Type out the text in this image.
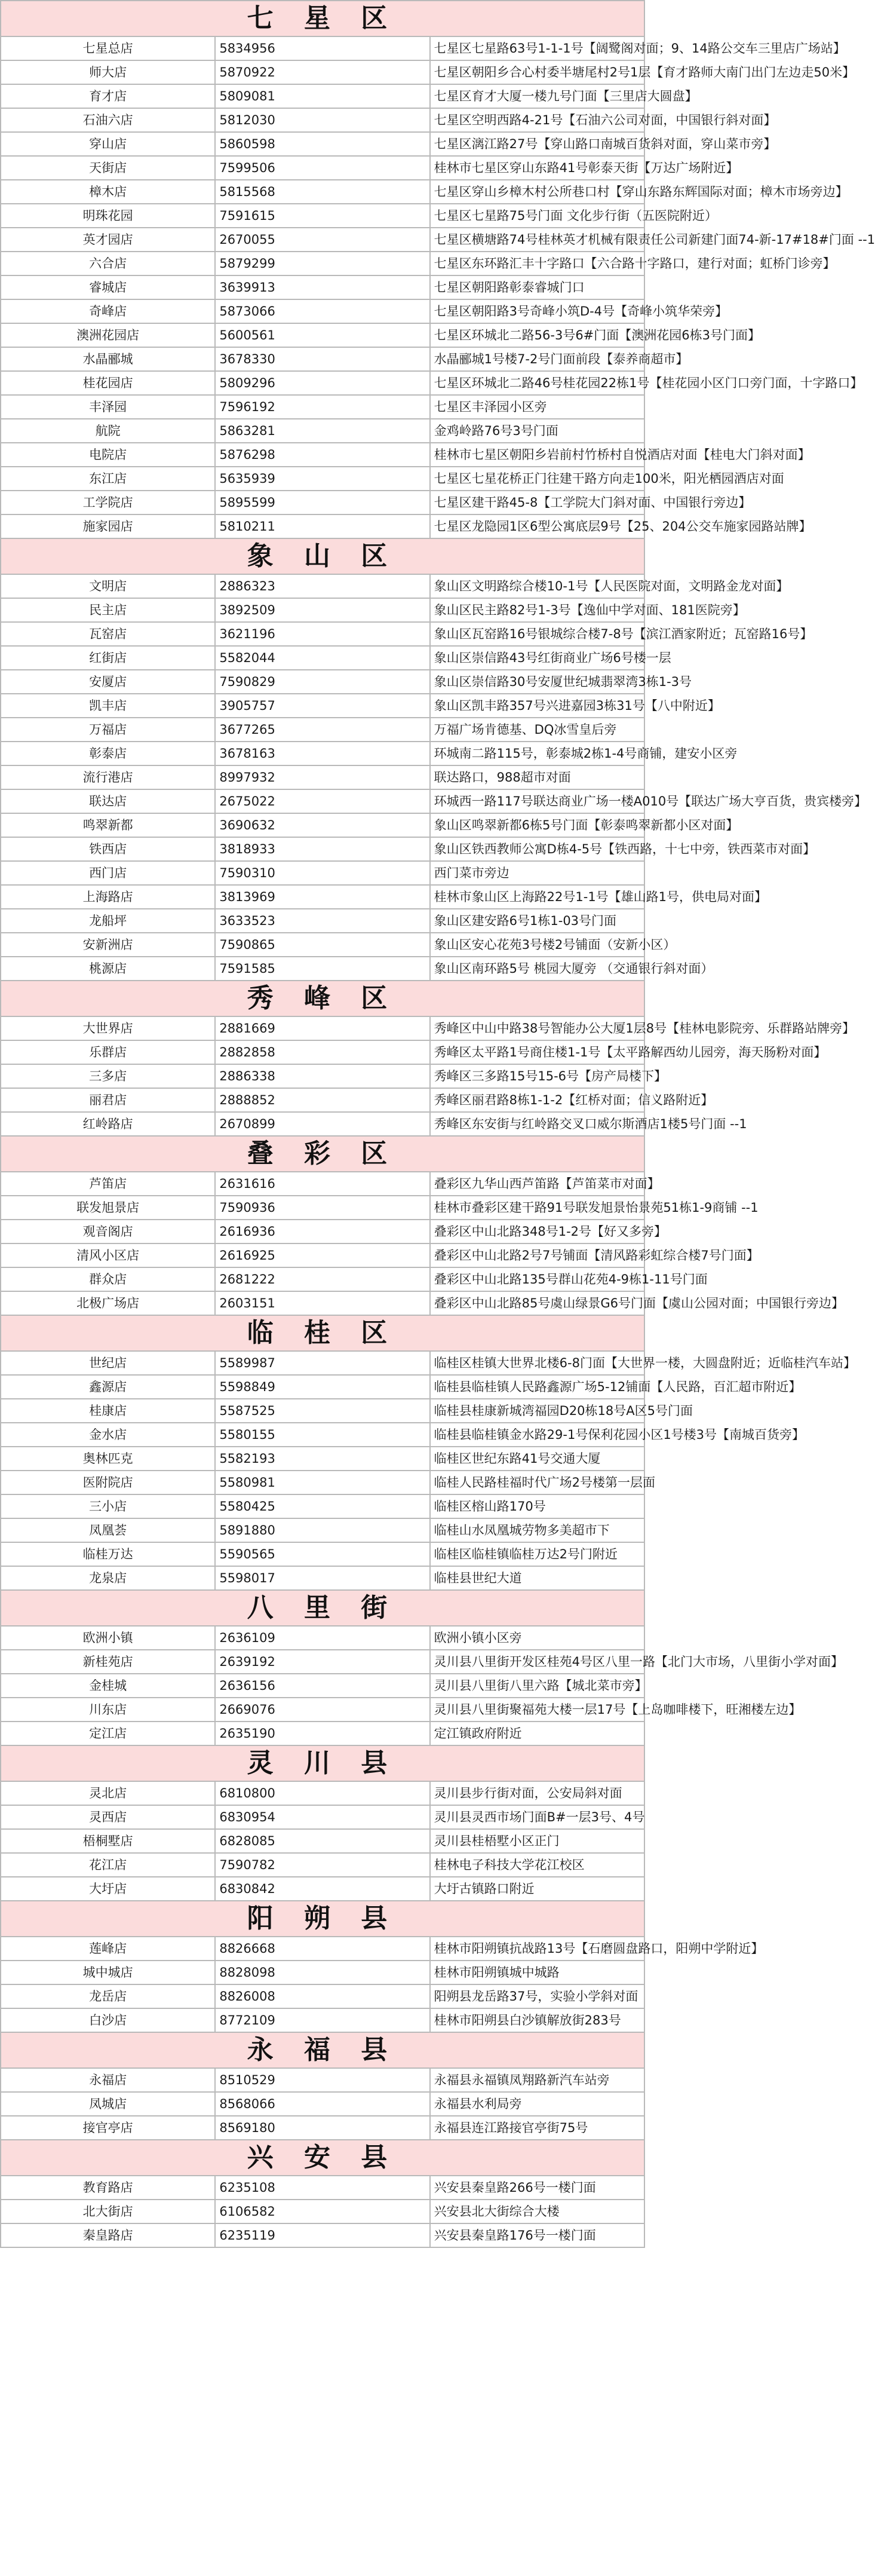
七 星 区		
七星总店	5834956	七星区七星路63号1-1-1号【阔鹭阁对面；9、14路公交车三里店广场站】
师大店	5870922	七星区朝阳乡合心村委半塘尾村2号1层【育才路师大南门出门左边走50米】
育才店	5809081	七星区育才大厦一楼九号门面【三里店大圆盘】
石油六店	5812030	七星区空明西路4-21号【石油六公司对面，中国银行斜对面】
穿山店	5860598	七星区漓江路27号【穿山路口南城百货斜对面，穿山菜市旁】
天街店	7599506	桂林市七星区穿山东路41号彰泰天街【万达广场附近】
樟木店	5815568	七星区穿山乡樟木村公所巷口村【穿山东路东辉国际对面；樟木市场旁边】
明珠花园	7591615	七星区七星路75号门面 文化步行街（五医院附近）
英才园店	2670055	七星区横塘路74号桂林英才机械有限责任公司新建门面74-新-17#18#门面 --1
六合店	5879299	七星区东环路汇丰十字路口【六合路十字路口，建行对面；虹桥门诊旁】
睿城店	3639913	七星区朝阳路彰泰睿城门口
奇峰店	5873066	七星区朝阳路3号奇峰小筑D-4号【奇峰小筑华荣旁】
澳洲花园店	5600561	七星区环城北二路56-3号6#门面【澳洲花园6栋3号门面】
水晶郦城	3678330	水晶郦城1号楼7-2号门面前段【泰养商超市】
桂花园店	5809296	七星区环城北二路46号桂花园22栋1号【桂花园小区门口旁门面，十字路口】
丰泽园	7596192	七星区丰泽园小区旁
航院	5863281	金鸡岭路76号3号门面
电院店	5876298	桂林市七星区朝阳乡岩前村竹桥村自悦酒店对面【桂电大门斜对面】
东江店	5635939	七星区七星花桥正门往建干路方向走100米，阳光栖园酒店对面
工学院店	5895599	七星区建干路45-8【工学院大门斜对面、中国银行旁边】
施家园店	5810211	七星区龙隐园1区6型公寓底层9号【25、204公交车施家园路站牌】
象 山 区		
文明店	2886323	象山区文明路综合楼10-1号【人民医院对面，文明路金龙对面】
民主店	3892509	象山区民主路82号1-3号【逸仙中学对面、181医院旁】
瓦窑店	3621196	象山区瓦窑路16号银城综合楼7-8号【滨江酒家附近；瓦窑路16号】
红街店	5582044	象山区崇信路43号红街商业广场6号楼一层
安厦店	7590829	象山区崇信路30号安厦世纪城翡翠湾3栋1-3号
凯丰店	3905757	象山区凯丰路357号兴进嘉园3栋31号【八中附近】
万福店	3677265	万福广场肯德基、DQ冰雪皇后旁
彰泰店	3678163	环城南二路115号，彰泰城2栋1-4号商铺，建安小区旁
流行港店	8997932	联达路口，988超市对面
联达店	2675022	环城西一路117号联达商业广场一楼A010号【联达广场大亨百货，贵宾楼旁】
鸣翠新都	3690632	象山区鸣翠新都6栋5号门面【彰泰鸣翠新都小区对面】
铁西店	3818933	象山区铁西教师公寓D栋4-5号【铁西路，十七中旁，铁西菜市对面】
西门店	7590310	西门菜市旁边
上海路店	3813969	桂林市象山区上海路22号1-1号【雄山路1号，供电局对面】
龙船坪	3633523	象山区建安路6号1栋1-03号门面
安新洲店	7590865	象山区安心花苑3号楼2号铺面（安新小区）
桃源店	7591585	象山区南环路5号 桃园大厦旁 （交通银行斜对面）
秀 峰 区		
大世界店	2881669	秀峰区中山中路38号智能办公大厦1层8号【桂林电影院旁、乐群路站牌旁】
乐群店	2882858	秀峰区太平路1号商住楼1-1号【太平路解西幼儿园旁，海天肠粉对面】
三多店	2886338	秀峰区三多路15号15-6号【房产局楼下】
丽君店	2888852	秀峰区丽君路8栋1-1-2【红桥对面；信义路附近】
红岭路店	2670899	秀峰区东安街与红岭路交叉口威尔斯酒店1楼5号门面 --1
叠 彩 区		
芦笛店	2631616	叠彩区九华山西芦笛路【芦笛菜市对面】
联发旭景店	7590936	桂林市叠彩区建干路91号联发旭景怡景苑51栋1-9商铺 --1
观音阁店	2616936	叠彩区中山北路348号1-2号【好又多旁】
清风小区店	2616925	叠彩区中山北路2号7号铺面【清风路彩虹综合楼7号门面】
群众店	2681222	叠彩区中山北路135号群山花苑4-9栋1-11号门面
北极广场店	2603151	叠彩区中山北路85号虞山绿景G6号门面【虞山公园对面；中国银行旁边】
临 桂 区		
世纪店	5589987	临桂区桂镇大世界北楼6-8门面【大世界一楼，大圆盘附近；近临桂汽车站】
鑫源店	5598849	临桂县临桂镇人民路鑫源广场5-12铺面【人民路，百汇超市附近】
桂康店	5587525	临桂县桂康新城湾福园D20栋18号A区5号门面
金水店	5580155	临桂县临桂镇金水路29-1号保利花园小区1号楼3号【南城百货旁】
奥林匹克	5582193	临桂区世纪东路41号交通大厦
医附院店	5580981	临桂人民路桂福时代广场2号楼第一层面
三小店	5580425	临桂区榕山路170号
凤凰荟	5891880	临桂山水凤凰城劳物多美超市下
临桂万达	5590565	临桂区临桂镇临桂万达2号门附近
龙泉店	5598017	临桂县世纪大道
八 里 街		
欧洲小镇	2636109	欧洲小镇小区旁
新桂苑店	2639192	灵川县八里街开发区桂苑4号区八里一路【北门大市场，八里街小学对面】
金桂城	2636156	灵川县八里街八里六路【城北菜市旁】
川东店	2669076	灵川县八里街聚福苑大楼一层17号【上岛咖啡楼下，旺湘楼左边】
定江店	2635190	定江镇政府附近
灵 川 县		
灵北店	6810800	灵川县步行街对面，公安局斜对面
灵西店	6830954	灵川县灵西市场门面B#一层3号、4号
梧桐墅店	6828085	灵川县桂梧墅小区正门
花江店	7590782	桂林电子科技大学花江校区
大圩店	6830842	大圩古镇路口附近
阳 朔 县		
莲峰店	8826668	桂林市阳朔镇抗战路13号【石磨圆盘路口，阳朔中学附近】
城中城店	8828098	桂林市阳朔镇城中城路
龙岳店	8826008	阳朔县龙岳路37号，实验小学斜对面
白沙店	8772109	桂林市阳朔县白沙镇解放街283号
永 福 县		
永福店	8510529	永福县永福镇凤翔路新汽车站旁
凤城店	8568066	永福县水利局旁
接官亭店	8569180	永福县连江路接官亭街75号
兴 安 县		
教育路店	6235108	兴安县秦皇路266号一楼门面
北大街店	6106582	兴安县北大街综合大楼
秦皇路店	6235119	兴安县秦皇路176号一楼门面
